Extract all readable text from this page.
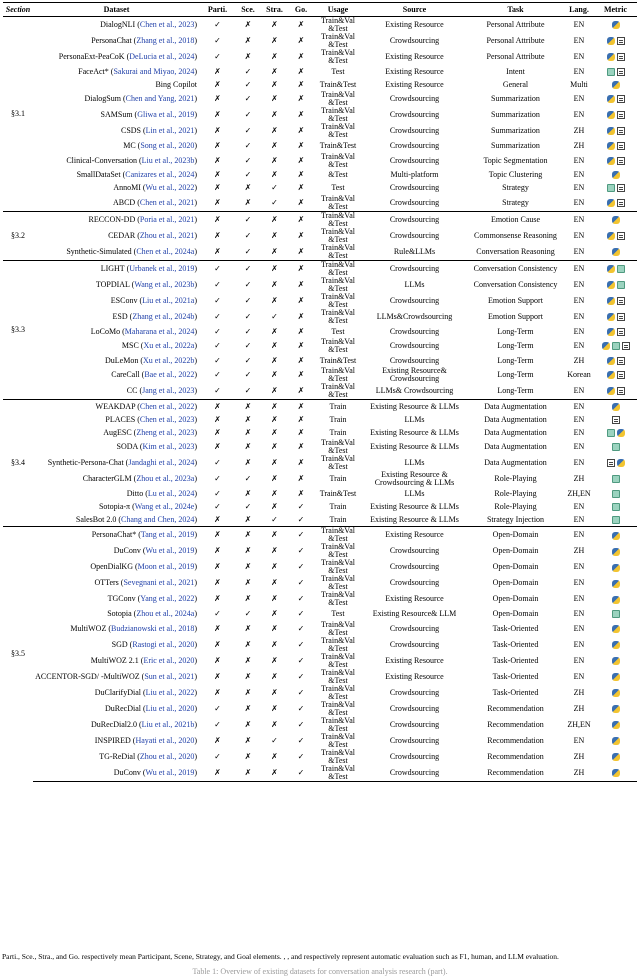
Section	Dataset	Parti.	Sce.	Stra.	Go.	Usage	Source	Task	Lang.	Metric
§3.1	DialogNLI (Chen et al., 2023)	✓	✗	✗	✗	Train&Val &Test	Existing Resource	Personal Attribute	EN	
	PersonaChat (Zhang et al., 2018)	✓	✗	✗	✗	Train&Val &Test	Crowdsourcing	Personal Attribute	EN	
	PersonaExt-PeaCoK (DeLucia et al., 2024)	✓	✗	✗	✗	Train&Val &Test	Existing Resource	Personal Attribute	EN	
	FaceAct* (Sakurai and Miyao, 2024)	✗	✓	✗	✗	Test	Existing Resource	Intent	EN	
	Bing Copilot	✗	✓	✗	✗	Train&Test	Existing Resource	General	Multi	
	DialogSum (Chen and Yang, 2021)	✗	✓	✗	✗	Train&Val &Test	Crowdsourcing	Summarization	EN	
	SAMSum (Gliwa et al., 2019)	✗	✓	✗	✗	Train&Val &Test	Crowdsourcing	Summarization	EN	
	CSDS (Lin et al., 2021)	✗	✓	✗	✗	Train&Val &Test	Crowdsourcing	Summarization	ZH	
	MC (Song et al., 2020)	✗	✓	✗	✗	Train&Test	Crowdsourcing	Summarization	ZH	
	Clinical-Conversation (Liu et al., 2023b)	✗	✓	✗	✗	Train&Val &Test	Crowdsourcing	Topic Segmentation	EN	
	SmallDataSet (Canizares et al., 2024)	✗	✓	✗	✗	&Test	Multi-platform	Topic Clustering	EN	
	AnnoMI (Wu et al., 2022)	✗	✗	✓	✗	Test	Crowdsourcing	Strategy	EN	
	ABCD (Chen et al., 2021)	✗	✗	✓	✗	Train&Val &Test	Crowdsourcing	Strategy	EN	
§3.2	RECCON-DD (Poria et al., 2021)	✗	✓	✗	✗	Train&Val &Test	Crowdsourcing	Emotion Cause	EN	
	CEDAR (Zhou et al., 2021)	✗	✓	✗	✗	Train&Val &Test	Crowdsourcing	Commonsense Reasoning	EN	
	Synthetic-Simulated (Chen et al., 2024a)	✗	✓	✗	✗	Train&Val &Test	Rule&LLMs	Conversation Reasoning	EN	
§3.3	LIGHT (Urbanek et al., 2019)	✓	✓	✗	✗	Train&Val &Test	Crowdsourcing	Conversation Consistency	EN	
	TOPDIAL (Wang et al., 2023b)	✓	✓	✗	✗	Train&Val &Test	LLMs	Conversation Consistency	EN	
	ESConv (Liu et al., 2021a)	✓	✓	✗	✗	Train&Val &Test	Crowdsourcing	Emotion Support	EN	
	ESD (Zhang et al., 2024b)	✓	✓	✓	✗	Train&Val &Test	LLMs&Crowdsourcing	Emotion Support	EN	
	LoCoMo (Maharana et al., 2024)	✓	✓	✗	✗	Test	Crowdsourcing	Long-Term	EN	
	MSC (Xu et al., 2022a)	✓	✓	✗	✗	Train&Val &Test	Crowdsourcing	Long-Term	EN	
	DuLeMon (Xu et al., 2022b)	✓	✓	✗	✗	Train&Test	Crowdsourcing	Long-Term	ZH	
	CareCall (Bae et al., 2022)	✓	✓	✗	✗	Train&Val &Test	Existing Resource& Crowdsourcing	Long-Term	Korean	
	CC (Jang et al., 2023)	✓	✓	✗	✗	Train&Val &Test	LLMs& Crowdsourcing	Long-Term	EN	
§3.4	WEAKDAP (Chen et al., 2022)	✗	✗	✗	✗	Train	Existing Resource & LLMs	Data Augmentation	EN	
	PLACES (Chen et al., 2023)	✗	✗	✗	✗	Train	LLMs	Data Augmentation	EN	
	AugESC (Zheng et al., 2023)	✗	✗	✗	✗	Train	Existing Resource & LLMs	Data Augmentation	EN	
	SODA (Kim et al., 2023)	✗	✗	✗	✗	Train&Val &Test	Existing Resource & LLMs	Data Augmentation	EN	
	Synthetic-Persona-Chat (Jandaghi et al., 2024)	✓	✗	✗	✗	Train&Val &Test	LLMs	Data Augmentation	EN	
	CharacterGLM (Zhou et al., 2023a)	✓	✓	✗	✗	Train	Existing Resource & Crowdsourcing & LLMs	Role-Playing	ZH	
	Ditto (Lu et al., 2024)	✓	✗	✗	✗	Train&Test	LLMs	Role-Playing	ZH,EN	
	Sotopia-π (Wang et al., 2024e)	✓	✓	✗	✓	Train	Existing Resource & LLMs	Role-Playing	EN	
	SalesBot 2.0 (Chang and Chen, 2024)	✗	✗	✓	✓	Train	Existing Resource & LLMs	Strategy Injection	EN	
§3.5	PersonaChat* (Tang et al., 2019)	✗	✗	✗	✓	Train&Val &Test	Existing Resource	Open-Domain	EN	
	DuConv (Wu et al., 2019)	✗	✗	✗	✓	Train&Val &Test	Crowdsourcing	Open-Domain	ZH	
	OpenDialKG (Moon et al., 2019)	✗	✗	✗	✓	Train&Val &Test	Crowdsourcing	Open-Domain	EN	
	OTTers (Sevegnani et al., 2021)	✗	✗	✗	✓	Train&Val &Test	Crowdsourcing	Open-Domain	EN	
	TGConv (Yang et al., 2022)	✗	✗	✗	✓	Train&Val &Test	Existing Resource	Open-Domain	EN	
	Sotopia (Zhou et al., 2024a)	✓	✓	✗	✓	Test	Existing Resource& LLM	Open-Domain	EN	
	MultiWOZ (Budzianowski et al., 2018)	✗	✗	✗	✓	Train&Val &Test	Crowdsourcing	Task-Oriented	EN	
	SGD (Rastogi et al., 2020)	✗	✗	✗	✓	Train&Val &Test	Crowdsourcing	Task-Oriented	EN	
	MultiWOZ 2.1 (Eric et al., 2020)	✗	✗	✗	✓	Train&Val &Test	Existing Resource	Task-Oriented	EN	
	ACCENTOR-SGD/ -MultiWOZ (Sun et al., 2021)	✗	✗	✗	✓	Train&Val &Test	Existing Resource	Task-Oriented	EN	
	DuClarifyDial (Liu et al., 2022)	✗	✗	✗	✓	Train&Val &Test	Crowdsourcing	Task-Oriented	ZH	
	DuRecDial (Liu et al., 2020)	✓	✗	✗	✓	Train&Val &Test	Crowdsourcing	Recommendation	ZH	
	DuRecDial2.0 (Liu et al., 2021b)	✓	✗	✗	✓	Train&Val &Test	Crowdsourcing	Recommendation	ZH,EN	
	INSPIRED (Hayati et al., 2020)	✗	✗	✓	✓	Train&Val &Test	Crowdsourcing	Recommendation	EN	
	TG-ReDial (Zhou et al., 2020)	✓	✗	✗	✓	Train&Val &Test	Crowdsourcing	Recommendation	ZH	
	DuConv (Wu et al., 2019)	✗	✗	✗	✓	Train&Val &Test	Crowdsourcing	Recommendation	ZH	
Parti., Sce., Stra., and Go. respectively mean Participant, Scene, Strategy, and Goal elements. , , and respectively represent automatic evaluation such as F1, human, and LLM evaluation.
Table 1: Overview of existing datasets for conversation analysis research (part).
